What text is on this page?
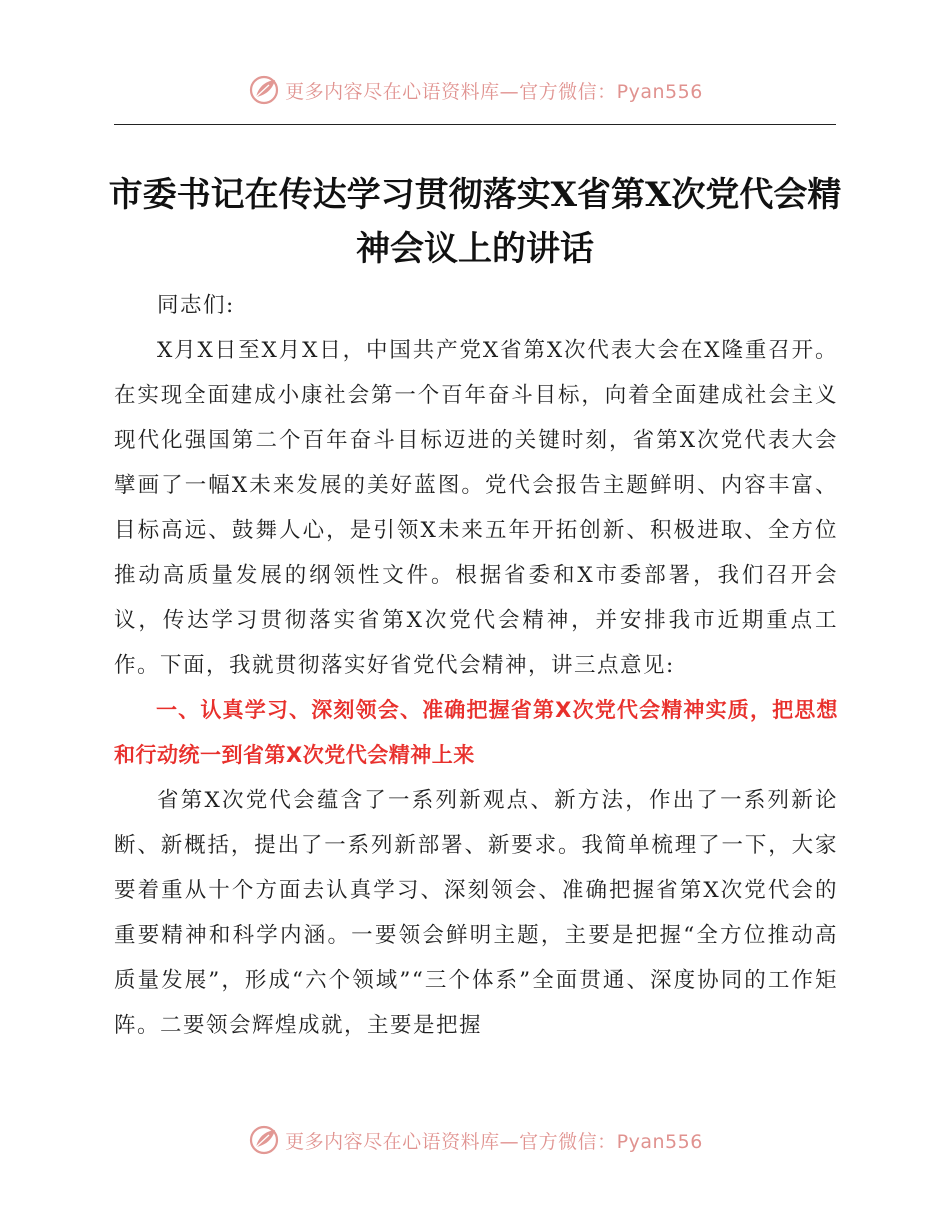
更多内容尽在心语资料库—官方微信：Pyan556
市委书记在传达学习贯彻落实X省第X次党代会精神会议上的讲话

同志们:

X月X日至X月X日，中国共产党X省第X次代表大会在X隆重召开。在实现全面建成小康社会第一个百年奋斗目标，向着全面建成社会主义现代化强国第二个百年奋斗目标迈进的关键时刻，省第X次党代表大会擘画了一幅X未来发展的美好蓝图。党代会报告主题鲜明、内容丰富、目标高远、鼓舞人心，是引领X未来五年开拓创新、积极进取、全方位推动高质量发展的纲领性文件。根据省委和X市委部署，我们召开会议，传达学习贯彻落实省第X次党代会精神，并安排我市近期重点工作。下面，我就贯彻落实好省党代会精神，讲三点意见:

一、认真学习、深刻领会、准确把握省第X次党代会精神实质，把思想和行动统一到省第X次党代会精神上来

省第X次党代会蕴含了一系列新观点、新方法，作出了一系列新论断、新概括，提出了一系列新部署、新要求。我简单梳理了一下，大家要着重从十个方面去认真学习、深刻领会、准确把握省第X次党代会的重要精神和科学内涵。一要领会鲜明主题，主要是把握“全方位推动高质量发展”，形成“六个领域”“三个体系”全面贯通、深度协同的工作矩阵。二要领会辉煌成就，主要是把握

更多内容尽在心语资料库—官方微信：Pyan556
